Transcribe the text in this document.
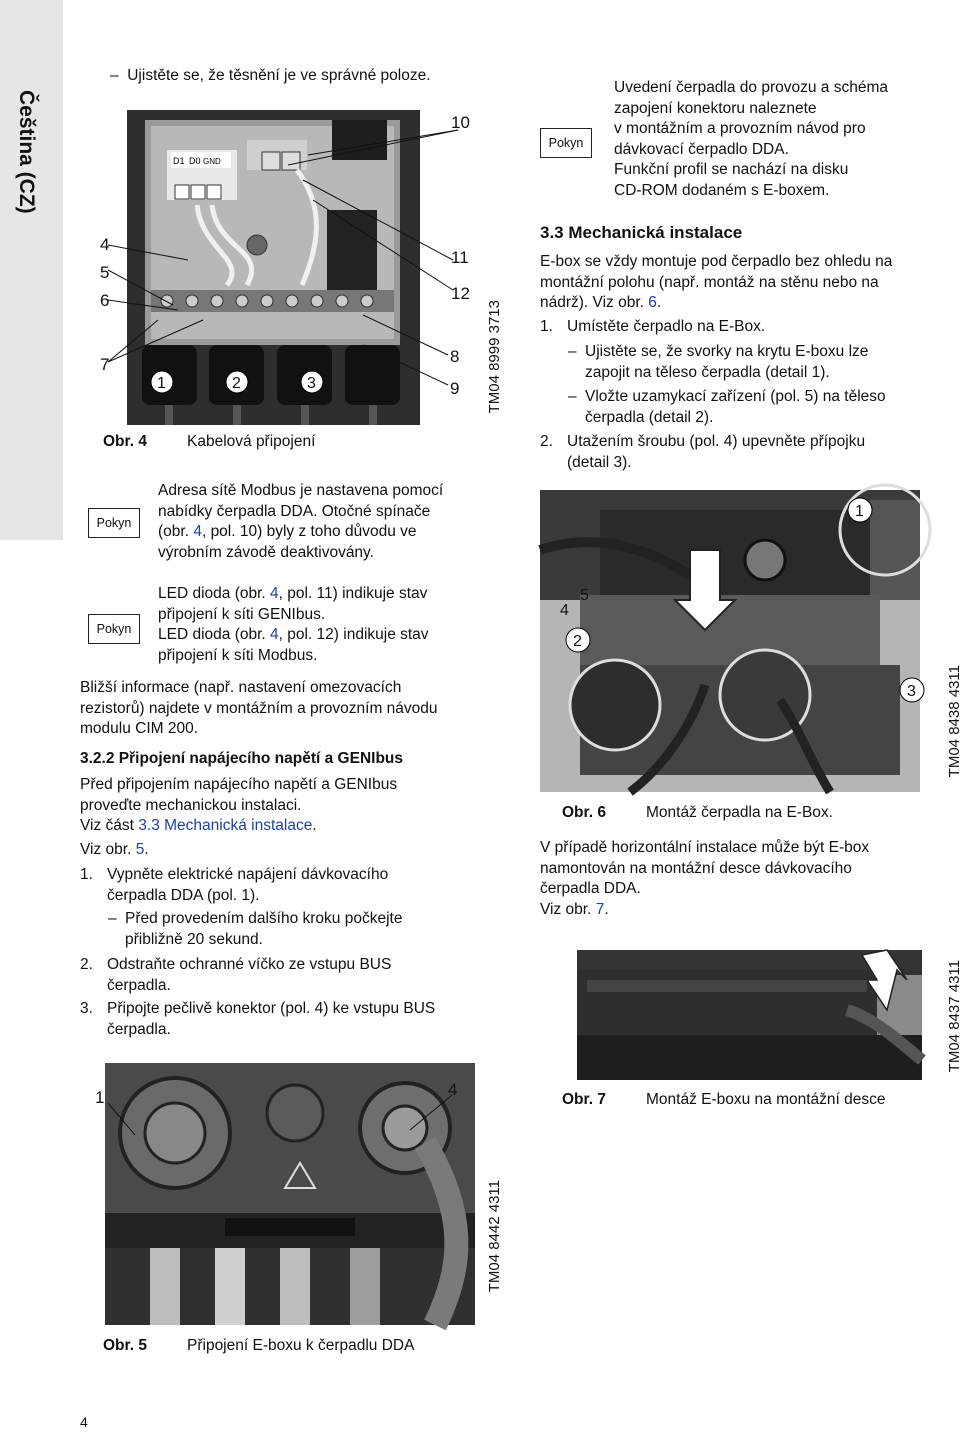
Čeština (CZ)
–  Ujistěte se, že těsnění je ve správné poloze.
1	2	3
D1 D0 GND
4
5
6
7	8
9
10
11
12
TM04 8999 3713
Obr. 4	Kabelová připojení
Pokyn
Adresa sítě Modbus je nastavena pomocí
nabídky čerpadla DDA. Otočné spínače
(obr. 4, pol. 10) byly z toho důvodu ve
výrobním závodě deaktivovány.
Pokyn
LED dioda (obr. 4, pol. 11) indikuje stav
připojení k síti GENIbus.
LED dioda (obr. 4, pol. 12) indikuje stav
připojení k síti Modbus.
Bližší informace (např. nastavení omezovacích
rezistorů) najdete v montážním a provozním návodu
modulu CIM 200.
3.2.2 Připojení napájecího napětí a GENIbus
Před připojením napájecího napětí a GENIbus
proveďte mechanickou instalaci.
Viz část 3.3 Mechanická instalace.
Viz obr. 5.
1. Vypněte elektrické napájení dávkovacího
čerpadla DDA (pol. 1).
– Před provedením dalšího kroku počkejte
přibližně 20 sekund.
2. Odstraňte ochranné víčko ze vstupu BUS
čerpadla.
3. Připojte pečlivě konektor (pol. 4) ke vstupu BUS
čerpadla.
1	4
TM04 8442 4311
Obr. 5	Připojení E-boxu k čerpadlu DDA
4
Pokyn
Uvedení čerpadla do provozu a schéma
zapojení konektoru naleznete
v montážním a provozním návod pro
dávkovací čerpadlo DDA.
Funkční profil se nachází na disku
CD-ROM dodaném s E-boxem.
3.3 Mechanická instalace
E-box se vždy montuje pod čerpadlo bez ohledu na
montážní polohu (např. montáž na stěnu nebo na
nádrž). Viz obr. 6.
1. Umístěte čerpadlo na E-Box.
– Ujistěte se, že svorky na krytu E-boxu lze
zapojit na těleso čerpadla (detail 1).
– Vložte uzamykací zařízení (pol. 5) na těleso
čerpadla (detail 2).
2. Utažením šroubu (pol. 4) upevněte přípojku
(detail 3).
1
4
5
2
3 TM04 8438 4311
Obr. 6	Montáž čerpadla na E-Box.
V případě horizontální instalace může být E-box
namontován na montážní desce dávkovacího
čerpadla DDA.
Viz obr. 7.
TM04 8437 4311
Obr. 7	Montáž E-boxu na montážní desce
